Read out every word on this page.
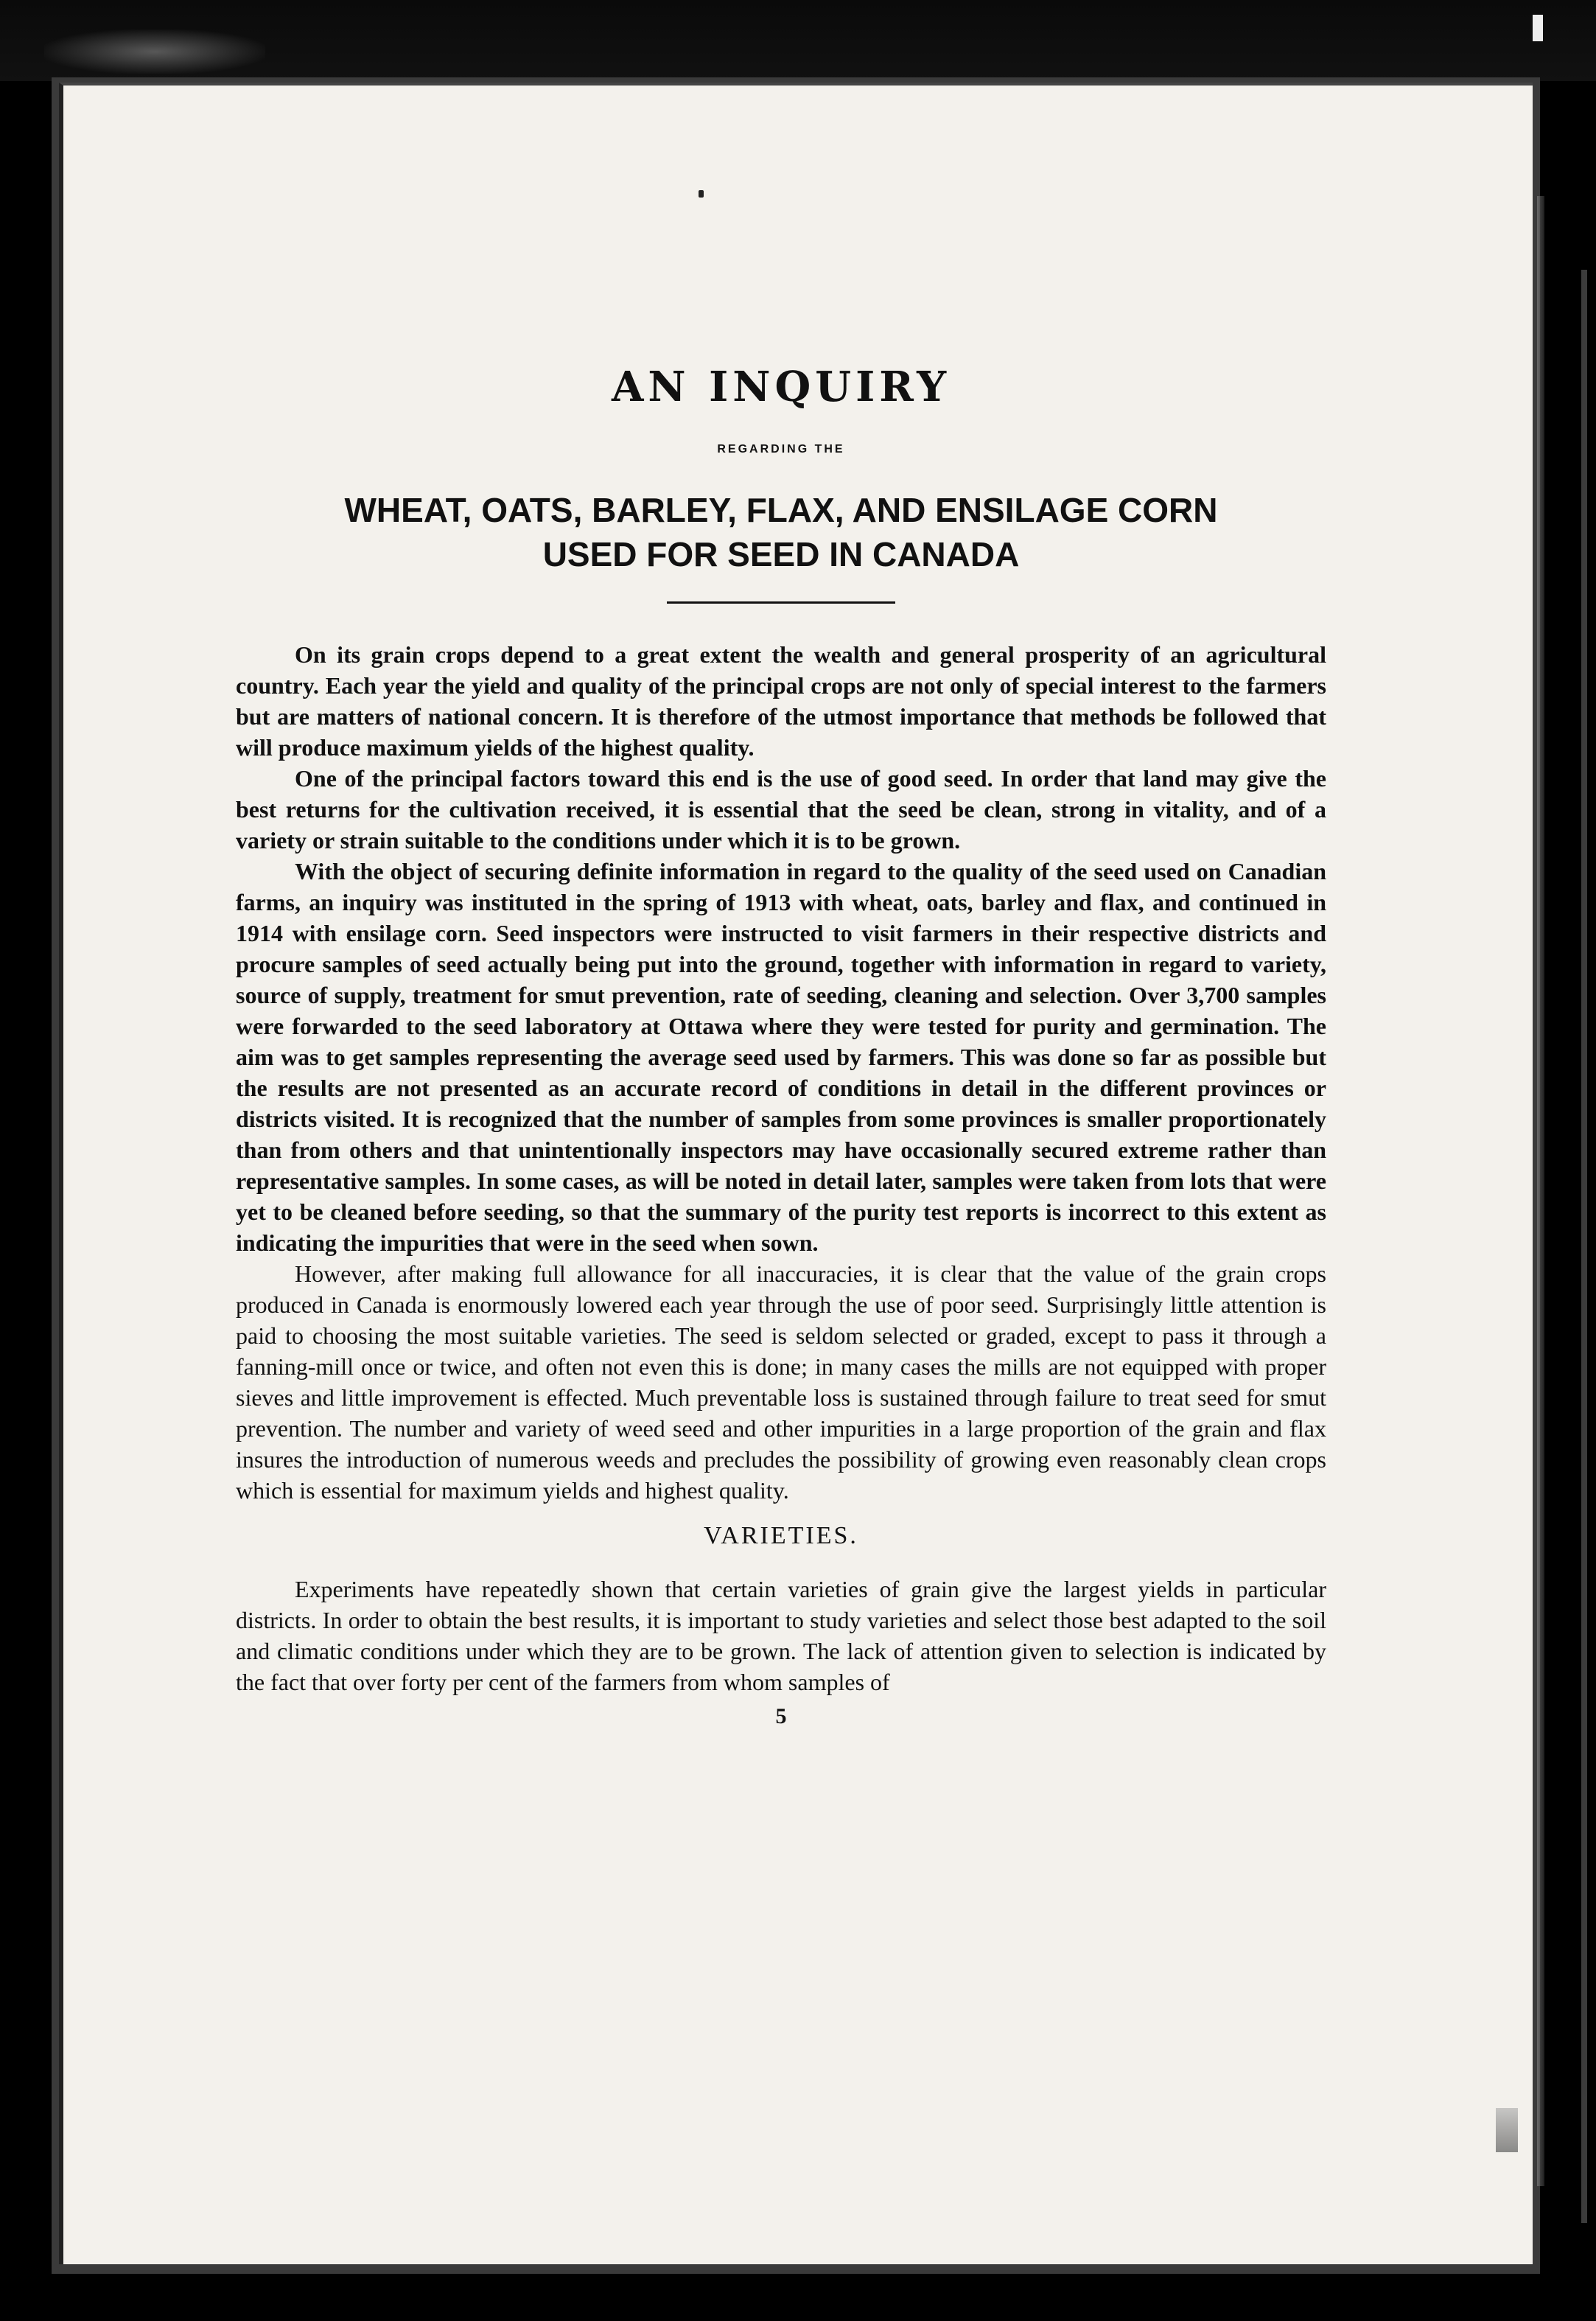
AN INQUIRY
REGARDING THE
WHEAT, OATS, BARLEY, FLAX, AND ENSILAGE CORN
USED FOR SEED IN CANADA

On its grain crops depend to a great extent the wealth and general prosperity of an agricultural country. Each year the yield and quality of the principal crops are not only of special interest to the farmers but are matters of national concern. It is therefore of the utmost importance that methods be followed that will produce maximum yields of the highest quality.

One of the principal factors toward this end is the use of good seed. In order that land may give the best returns for the cultivation received, it is essential that the seed be clean, strong in vitality, and of a variety or strain suitable to the conditions under which it is to be grown.

With the object of securing definite information in regard to the quality of the seed used on Canadian farms, an inquiry was instituted in the spring of 1913 with wheat, oats, barley and flax, and continued in 1914 with ensilage corn. Seed inspectors were instructed to visit farmers in their respective districts and procure samples of seed actually being put into the ground, together with information in regard to variety, source of supply, treatment for smut prevention, rate of seeding, cleaning and selection. Over 3,700 samples were forwarded to the seed laboratory at Ottawa where they were tested for purity and germination. The aim was to get samples representing the average seed used by farmers. This was done so far as possible but the results are not presented as an accurate record of conditions in detail in the different provinces or districts visited. It is recognized that the number of samples from some provinces is smaller proportionately than from others and that unintentionally inspectors may have occasionally secured extreme rather than representative samples. In some cases, as will be noted in detail later, samples were taken from lots that were yet to be cleaned before seeding, so that the summary of the purity test reports is incorrect to this extent as indicating the impurities that were in the seed when sown.

However, after making full allowance for all inaccuracies, it is clear that the value of the grain crops produced in Canada is enormously lowered each year through the use of poor seed. Surprisingly little attention is paid to choosing the most suitable varieties. The seed is seldom selected or graded, except to pass it through a fanning-mill once or twice, and often not even this is done; in many cases the mills are not equipped with proper sieves and little improvement is effected. Much preventable loss is sustained through failure to treat seed for smut prevention. The number and variety of weed seed and other impurities in a large proportion of the grain and flax insures the introduction of numerous weeds and precludes the possibility of growing even reasonably clean crops which is essential for maximum yields and highest quality.

VARIETIES.

Experiments have repeatedly shown that certain varieties of grain give the largest yields in particular districts. In order to obtain the best results, it is important to study varieties and select those best adapted to the soil and climatic conditions under which they are to be grown. The lack of attention given to selection is indicated by the fact that over forty per cent of the farmers from whom samples of

5
